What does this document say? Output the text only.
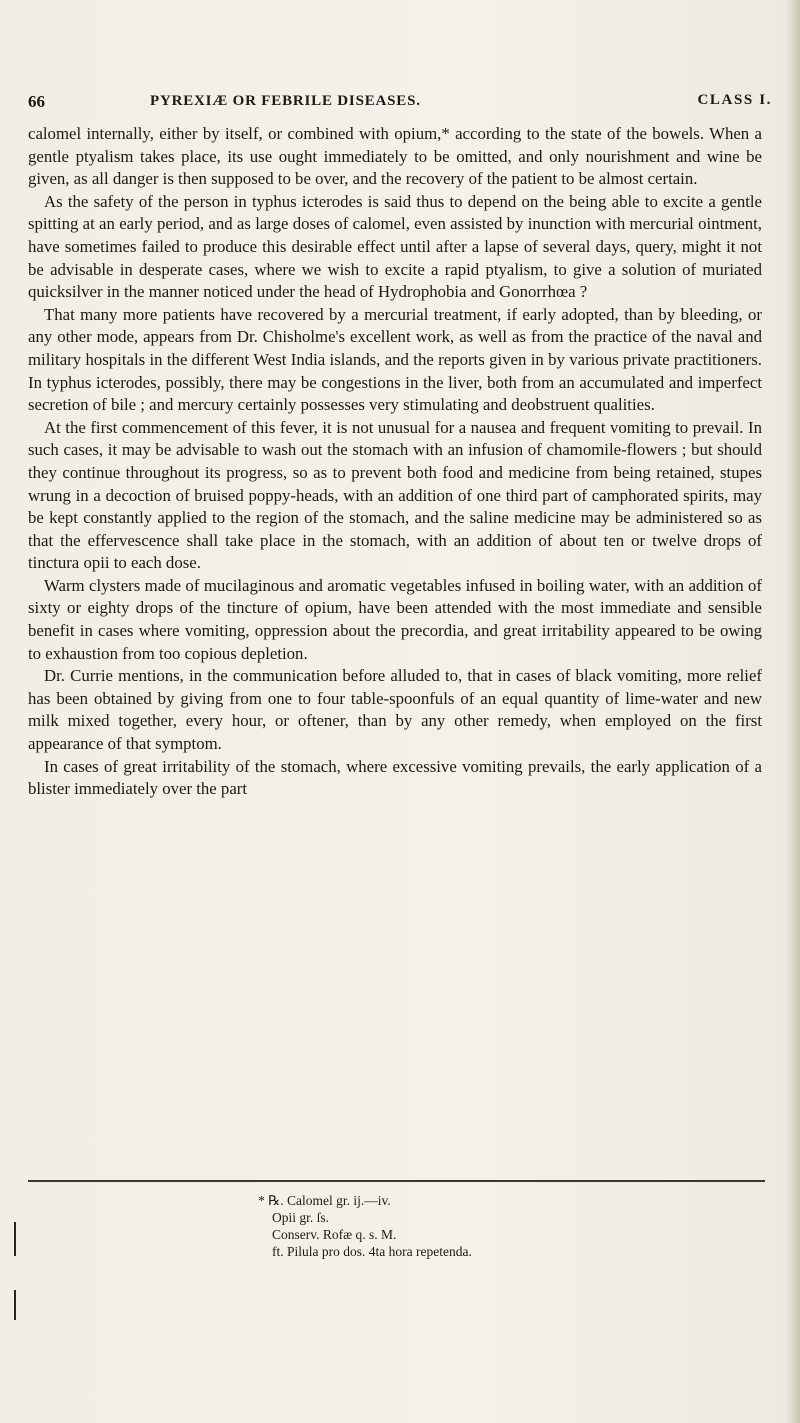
66	PYREXIÆ OR FEBRILE DISEASES.	CLASS I.

calomel internally, either by itself, or combined with opium,* according to the state of the bowels. When a gentle ptyalism takes place, its use ought immediately to be omitted, and only nourishment and wine be given, as all danger is then supposed to be over, and the recovery of the patient to be almost certain.

As the safety of the person in typhus icterodes is said thus to depend on the being able to excite a gentle spitting at an early period, and as large doses of calomel, even assisted by inunction with mercurial ointment, have sometimes failed to produce this desirable effect until after a lapse of several days, query, might it not be advisable in desperate cases, where we wish to excite a rapid ptyalism, to give a solution of muriated quicksilver in the manner noticed under the head of Hydrophobia and Gonorrhœa ?

That many more patients have recovered by a mercurial treatment, if early adopted, than by bleeding, or any other mode, appears from Dr. Chisholme's excellent work, as well as from the practice of the naval and military hospitals in the different West India islands, and the reports given in by various private practitioners. In typhus icterodes, possibly, there may be congestions in the liver, both from an accumulated and imperfect secretion of bile ; and mercury certainly possesses very stimulating and deobstruent qualities.

At the first commencement of this fever, it is not unusual for a nausea and frequent vomiting to prevail. In such cases, it may be advisable to wash out the stomach with an infusion of chamomile-flowers ; but should they continue throughout its progress, so as to prevent both food and medicine from being retained, stupes wrung in a decoction of bruised poppy-heads, with an addition of one third part of camphorated spirits, may be kept constantly applied to the region of the stomach, and the saline medicine may be administered so as that the effervescence shall take place in the stomach, with an addition of about ten or twelve drops of tinctura opii to each dose.

Warm clysters made of mucilaginous and aromatic vegetables infused in boiling water, with an addition of sixty or eighty drops of the tincture of opium, have been attended with the most immediate and sensible benefit in cases where vomiting, oppression about the precordia, and great irritability appeared to be owing to exhaustion from too copious depletion.

Dr. Currie mentions, in the communication before alluded to, that in cases of black vomiting, more relief has been obtained by giving from one to four table-spoonfuls of an equal quantity of lime-water and new milk mixed together, every hour, or oftener, than by any other remedy, when employed on the first appearance of that symptom.

In cases of great irritability of the stomach, where excessive vomiting prevails, the early application of a blister immediately over the part

* ℞. Calomel gr. ij.—iv.
Opii gr. ſs.
Conserv. Rofæ q. s. M.
ft. Pilula pro dos. 4ta hora repetenda.
